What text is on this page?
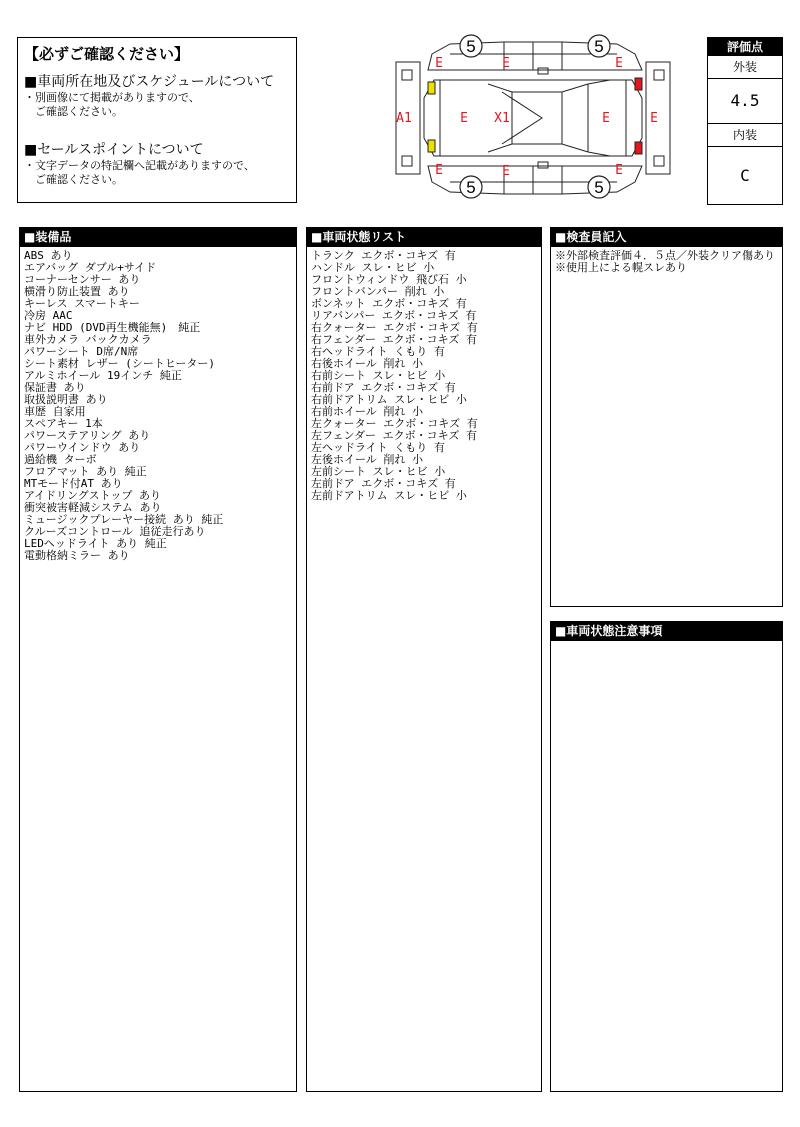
【必ずご確認ください】
■車両所在地及びスケジュールについて
・別画像にて掲載がありますので、
　ご確認ください。
■セールスポイントについて
・文字データの特記欄へ記載がありますので、
　ご確認ください。
5	5
5	5
E	E	E
A1	E X1	E	E
E	E	E
評価点
外装
4.5
内装
C
■装備品
ABS あり
エアバッグ ダブル+サイド
コーナーセンサー あり
横滑り防止装置 あり
キーレス スマートキー
冷房 AAC
ナビ HDD (DVD再生機能無)　純正
車外カメラ バックカメラ
パワーシート D席/N席
シート素材 レザー (シートヒーター)
アルミホイール 19インチ 純正
保証書 あり
取扱説明書 あり
車歴 自家用
スペアキー 1本
パワーステアリング あり
パワーウインドウ あり
過給機 ターボ
フロアマット あり 純正
MTモード付AT あり
アイドリングストップ あり
衝突被害軽減システム あり
ミュージックプレーヤー接続 あり 純正
クルーズコントロール 追従走行あり
LEDヘッドライト あり 純正
電動格納ミラー あり
■車両状態リスト
トランク エクボ・コキズ 有
ハンドル スレ・ヒビ 小
フロントウィンドウ 飛び石 小
フロントバンパー 削れ 小
ボンネット エクボ・コキズ 有
リアバンパー エクボ・コキズ 有
右クォーター エクボ・コキズ 有
右フェンダー エクボ・コキズ 有
右ヘッドライト くもり 有
右後ホイール 削れ 小
右前シート スレ・ヒビ 小
右前ドア エクボ・コキズ 有
右前ドアトリム スレ・ヒビ 小
右前ホイール 削れ 小
左クォーター エクボ・コキズ 有
左フェンダー エクボ・コキズ 有
左ヘッドライト くもり 有
左後ホイール 削れ 小
左前シート スレ・ヒビ 小
左前ドア エクボ・コキズ 有
左前ドアトリム スレ・ヒビ 小
■検査員記入
※外部検査評価４．５点／外装クリア傷あり
※使用上による幌スレあり
■車両状態注意事項
